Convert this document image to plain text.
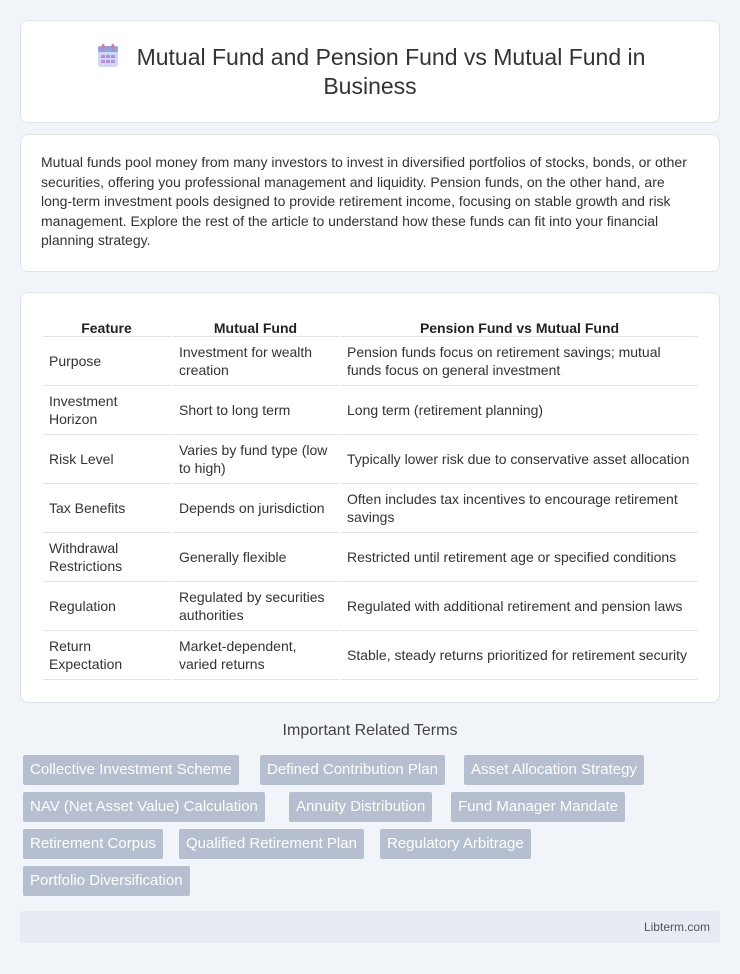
Mutual Fund and Pension Fund vs Mutual Fund in Business

Mutual funds pool money from many investors to invest in diversified portfolios of stocks, bonds, or other securities, offering you professional management and liquidity. Pension funds, on the other hand, are long-term investment pools designed to provide retirement income, focusing on stable growth and risk management. Explore the rest of the article to understand how these funds can fit into your financial planning strategy.

Feature	Mutual Fund	Pension Fund vs Mutual Fund
Purpose	Investment for wealth creation	Pension funds focus on retirement savings; mutual funds focus on general investment
Investment Horizon	Short to long term	Long term (retirement planning)
Risk Level	Varies by fund type (low to high)	Typically lower risk due to conservative asset allocation
Tax Benefits	Depends on jurisdiction	Often includes tax incentives to encourage retirement savings
Withdrawal Restrictions	Generally flexible	Restricted until retirement age or specified conditions
Regulation	Regulated by securities authorities	Regulated with additional retirement and pension laws
Return Expectation	Market-dependent, varied returns	Stable, steady returns prioritized for retirement security
Important Related Terms
Collective Investment Scheme	Defined Contribution Plan	Asset Allocation Strategy
NAV (Net Asset Value) Calculation	Annuity Distribution	Fund Manager Mandate
Retirement Corpus	Qualified Retirement Plan	Regulatory Arbitrage
Portfolio Diversification
Libterm.com
